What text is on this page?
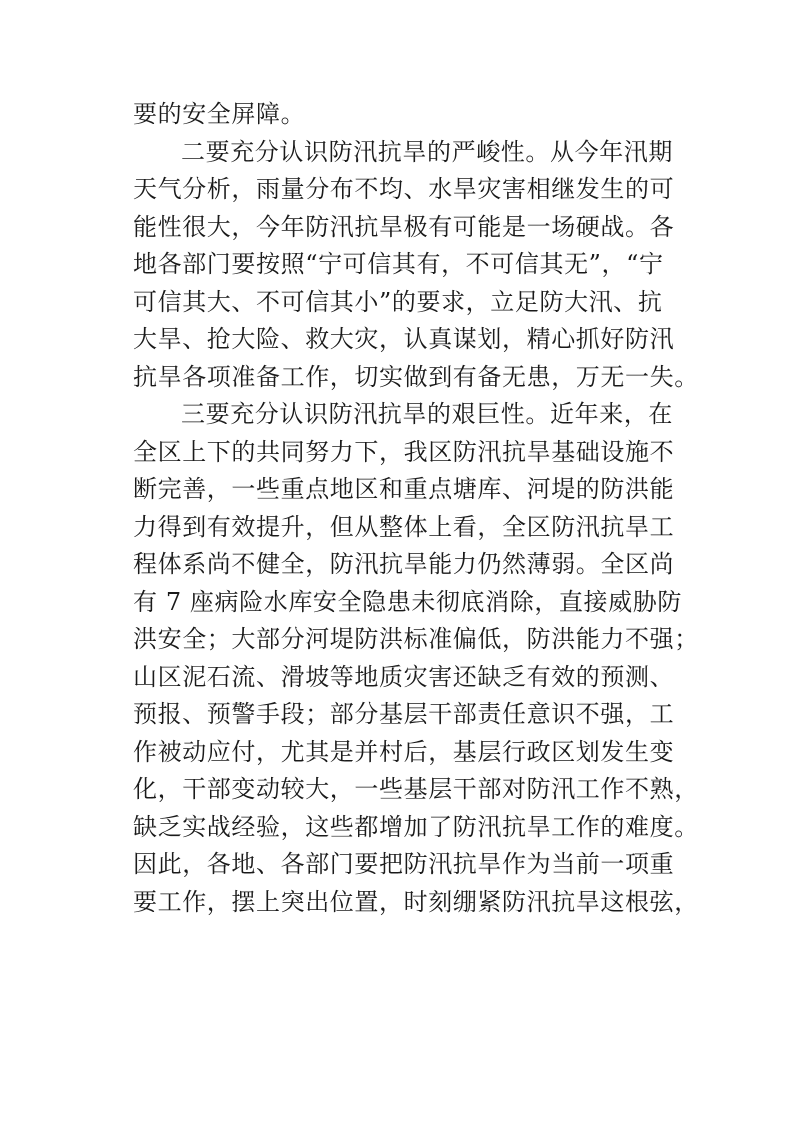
要的安全屏障。
二要充分认识防汛抗旱的严峻性。从今年汛期
天气分析，雨量分布不均、水旱灾害相继发生的可
能性很大，今年防汛抗旱极有可能是一场硬战。各
地各部门要按照“宁可信其有，不可信其无”，“宁
可信其大、不可信其小”的要求，立足防大汛、抗
大旱、抢大险、救大灾，认真谋划，精心抓好防汛
抗旱各项准备工作，切实做到有备无患，万无一失。
三要充分认识防汛抗旱的艰巨性。近年来，在
全区上下的共同努力下，我区防汛抗旱基础设施不
断完善，一些重点地区和重点塘库、河堤的防洪能
力得到有效提升，但从整体上看，全区防汛抗旱工
程体系尚不健全，防汛抗旱能力仍然薄弱。全区尚
有 7 座病险水库安全隐患未彻底消除，直接威胁防
洪安全；大部分河堤防洪标准偏低，防洪能力不强；
山区泥石流、滑坡等地质灾害还缺乏有效的预测、
预报、预警手段；部分基层干部责任意识不强，工
作被动应付，尤其是并村后，基层行政区划发生变
化，干部变动较大，一些基层干部对防汛工作不熟，
缺乏实战经验，这些都增加了防汛抗旱工作的难度。
因此，各地、各部门要把防汛抗旱作为当前一项重
要工作，摆上突出位置，时刻绷紧防汛抗旱这根弦，
